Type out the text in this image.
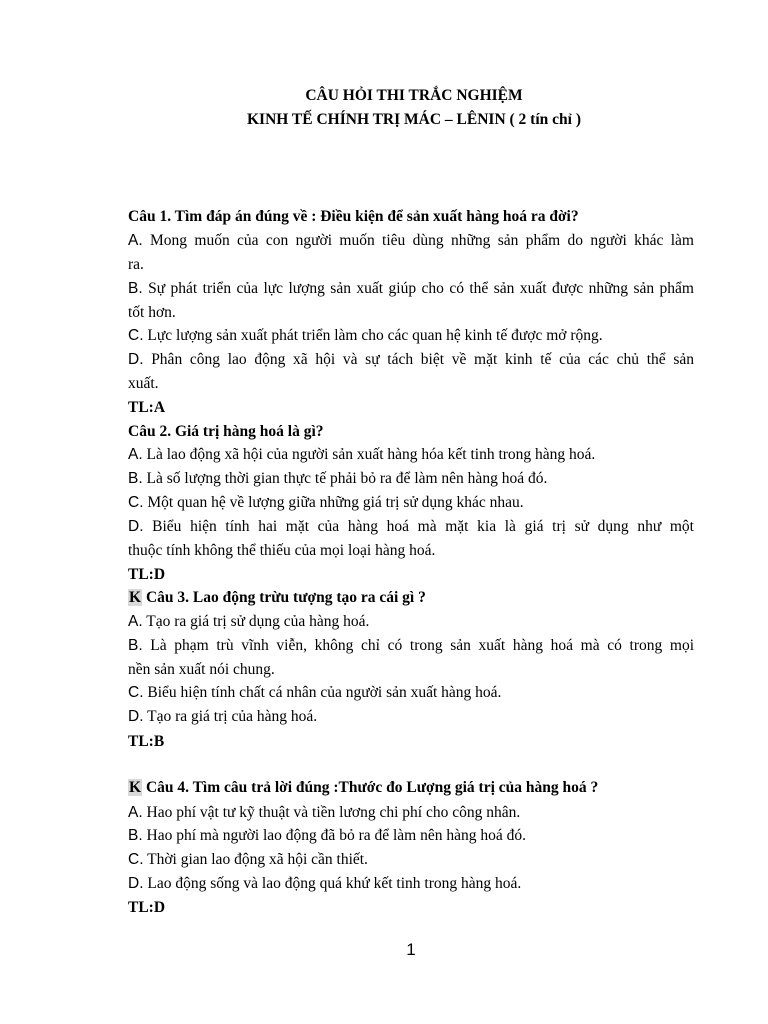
CÂU HỎI THI TRẮC NGHIỆM
KINH TẾ CHÍNH TRỊ MÁC – LÊNIN ( 2 tín chỉ )
Câu 1. Tìm đáp án đúng về : Điều kiện để sản xuất hàng hoá ra đời?
A. Mong muốn của con người muốn tiêu dùng những sản phẩm do người khác làm
ra.
B. Sự phát triển của lực lượng sản xuất giúp cho có thể sản xuất được những sản phẩm
tốt hơn.
C. Lực lượng sản xuất phát triển làm cho các quan hệ kinh tế được mở rộng.
D. Phân công lao động xã hội và sự tách biệt về mặt kinh tế của các chủ thể sản
xuất.
TL:A
Câu 2. Giá trị hàng hoá là gì?
A. Là lao động xã hội của người sản xuất hàng hóa kết tinh trong hàng hoá.
B. Là số lượng thời gian thực tế phải bỏ ra để làm nên hàng hoá đó.
C. Một quan hệ về lượng giữa những giá trị sử dụng khác nhau.
D. Biểu hiện tính hai mặt của hàng hoá mà mặt kia là giá trị sử dụng như một
thuộc tính không thể thiếu của mọi loại hàng hoá.
TL:D
K Câu 3. Lao động trừu tượng tạo ra cái gì ?
A. Tạo ra giá trị sử dụng của hàng hoá.
B. Là phạm trù vĩnh viễn, không chỉ có trong sản xuất hàng hoá mà có trong mọi
nền sản xuất nói chung.
C. Biểu hiện tính chất cá nhân của người sản xuất hàng hoá.
D. Tạo ra giá trị của hàng hoá.
TL:B
K Câu 4. Tìm câu trả lời đúng :Thước đo Lượng giá trị của hàng hoá ?
A. Hao phí vật tư kỹ thuật và tiền lương chi phí cho công nhân.
B. Hao phí mà người lao động đã bỏ ra để làm nên hàng hoá đó.
C. Thời gian lao động xã hội cần thiết.
D. Lao động sống và lao động quá khứ kết tinh trong hàng hoá.
TL:D
1
